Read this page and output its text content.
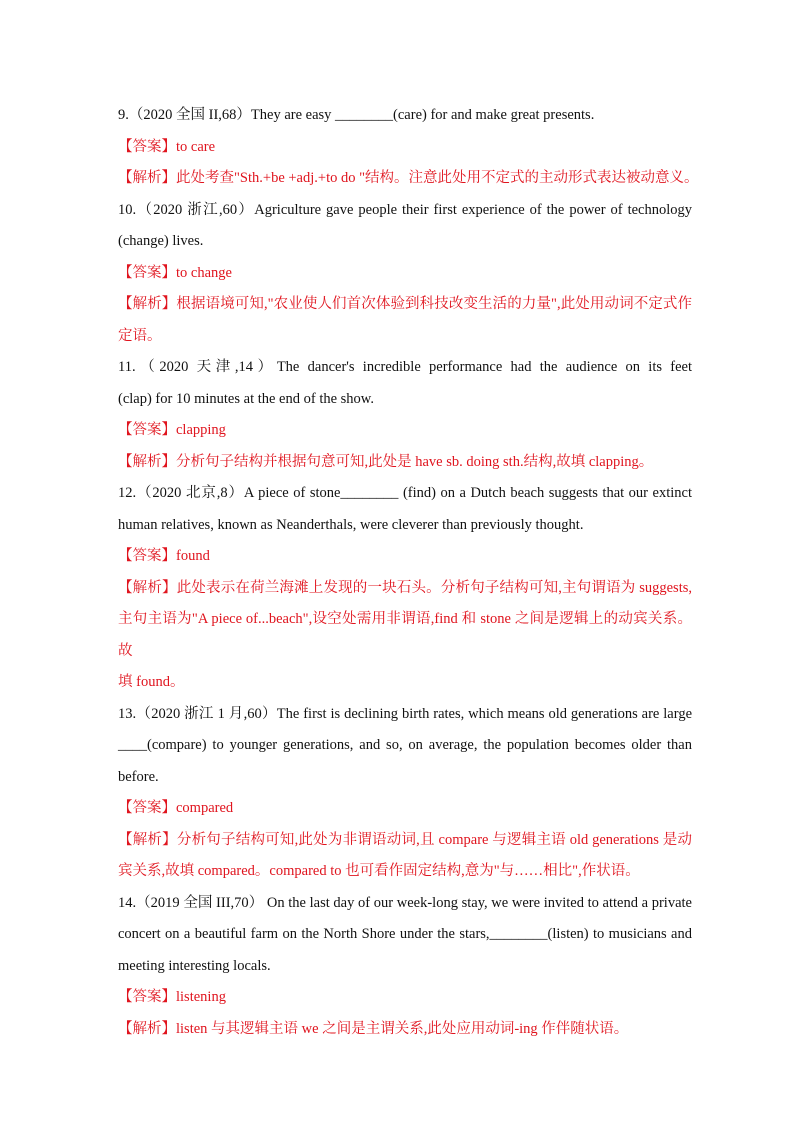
9.（2020 全国 II,68）They are easy ________(care) for and make great presents.
【答案】to care
【解析】此处考查"Sth.+be +adj.+to do "结构。注意此处用不定式的主动形式表达被动意义。
10.（2020 浙江,60）Agriculture gave people their first experience of the power of technology
(change) lives.
【答案】to change
【解析】根据语境可知,"农业使人们首次体验到科技改变生活的力量",此处用动词不定式作
定语。
11.（2020 天津,14）The dancer's incredible performance had the audience on its feet
(clap) for 10 minutes at the end of the show.
【答案】clapping
【解析】分析句子结构并根据句意可知,此处是 have sb. doing sth.结构,故填 clapping。
12.（2020 北京,8）A piece of stone________ (find) on a Dutch beach suggests that our extinct
human relatives, known as Neanderthals, were cleverer than previously thought.
【答案】found
【解析】此处表示在荷兰海滩上发现的一块石头。分析句子结构可知,主句谓语为 suggests,
主句主语为"A piece of...beach",设空处需用非谓语,find 和 stone 之间是逻辑上的动宾关系。故
填 found。
13.（2020 浙江 1 月,60）The first is declining birth rates, which means old generations are large
____(compare) to younger generations, and so, on average, the population becomes older than
before.
【答案】compared
【解析】分析句子结构可知,此处为非谓语动词,且 compare 与逻辑主语 old generations 是动
宾关系,故填 compared。compared to 也可看作固定结构,意为"与……相比",作状语。
14.（2019 全国 III,70） On the last day of our week-long stay, we were invited to attend a private
concert on a beautiful farm on the North Shore under the stars,________(listen) to musicians and
meeting interesting locals.
【答案】listening
【解析】listen 与其逻辑主语 we 之间是主谓关系,此处应用动词-ing 作伴随状语。
